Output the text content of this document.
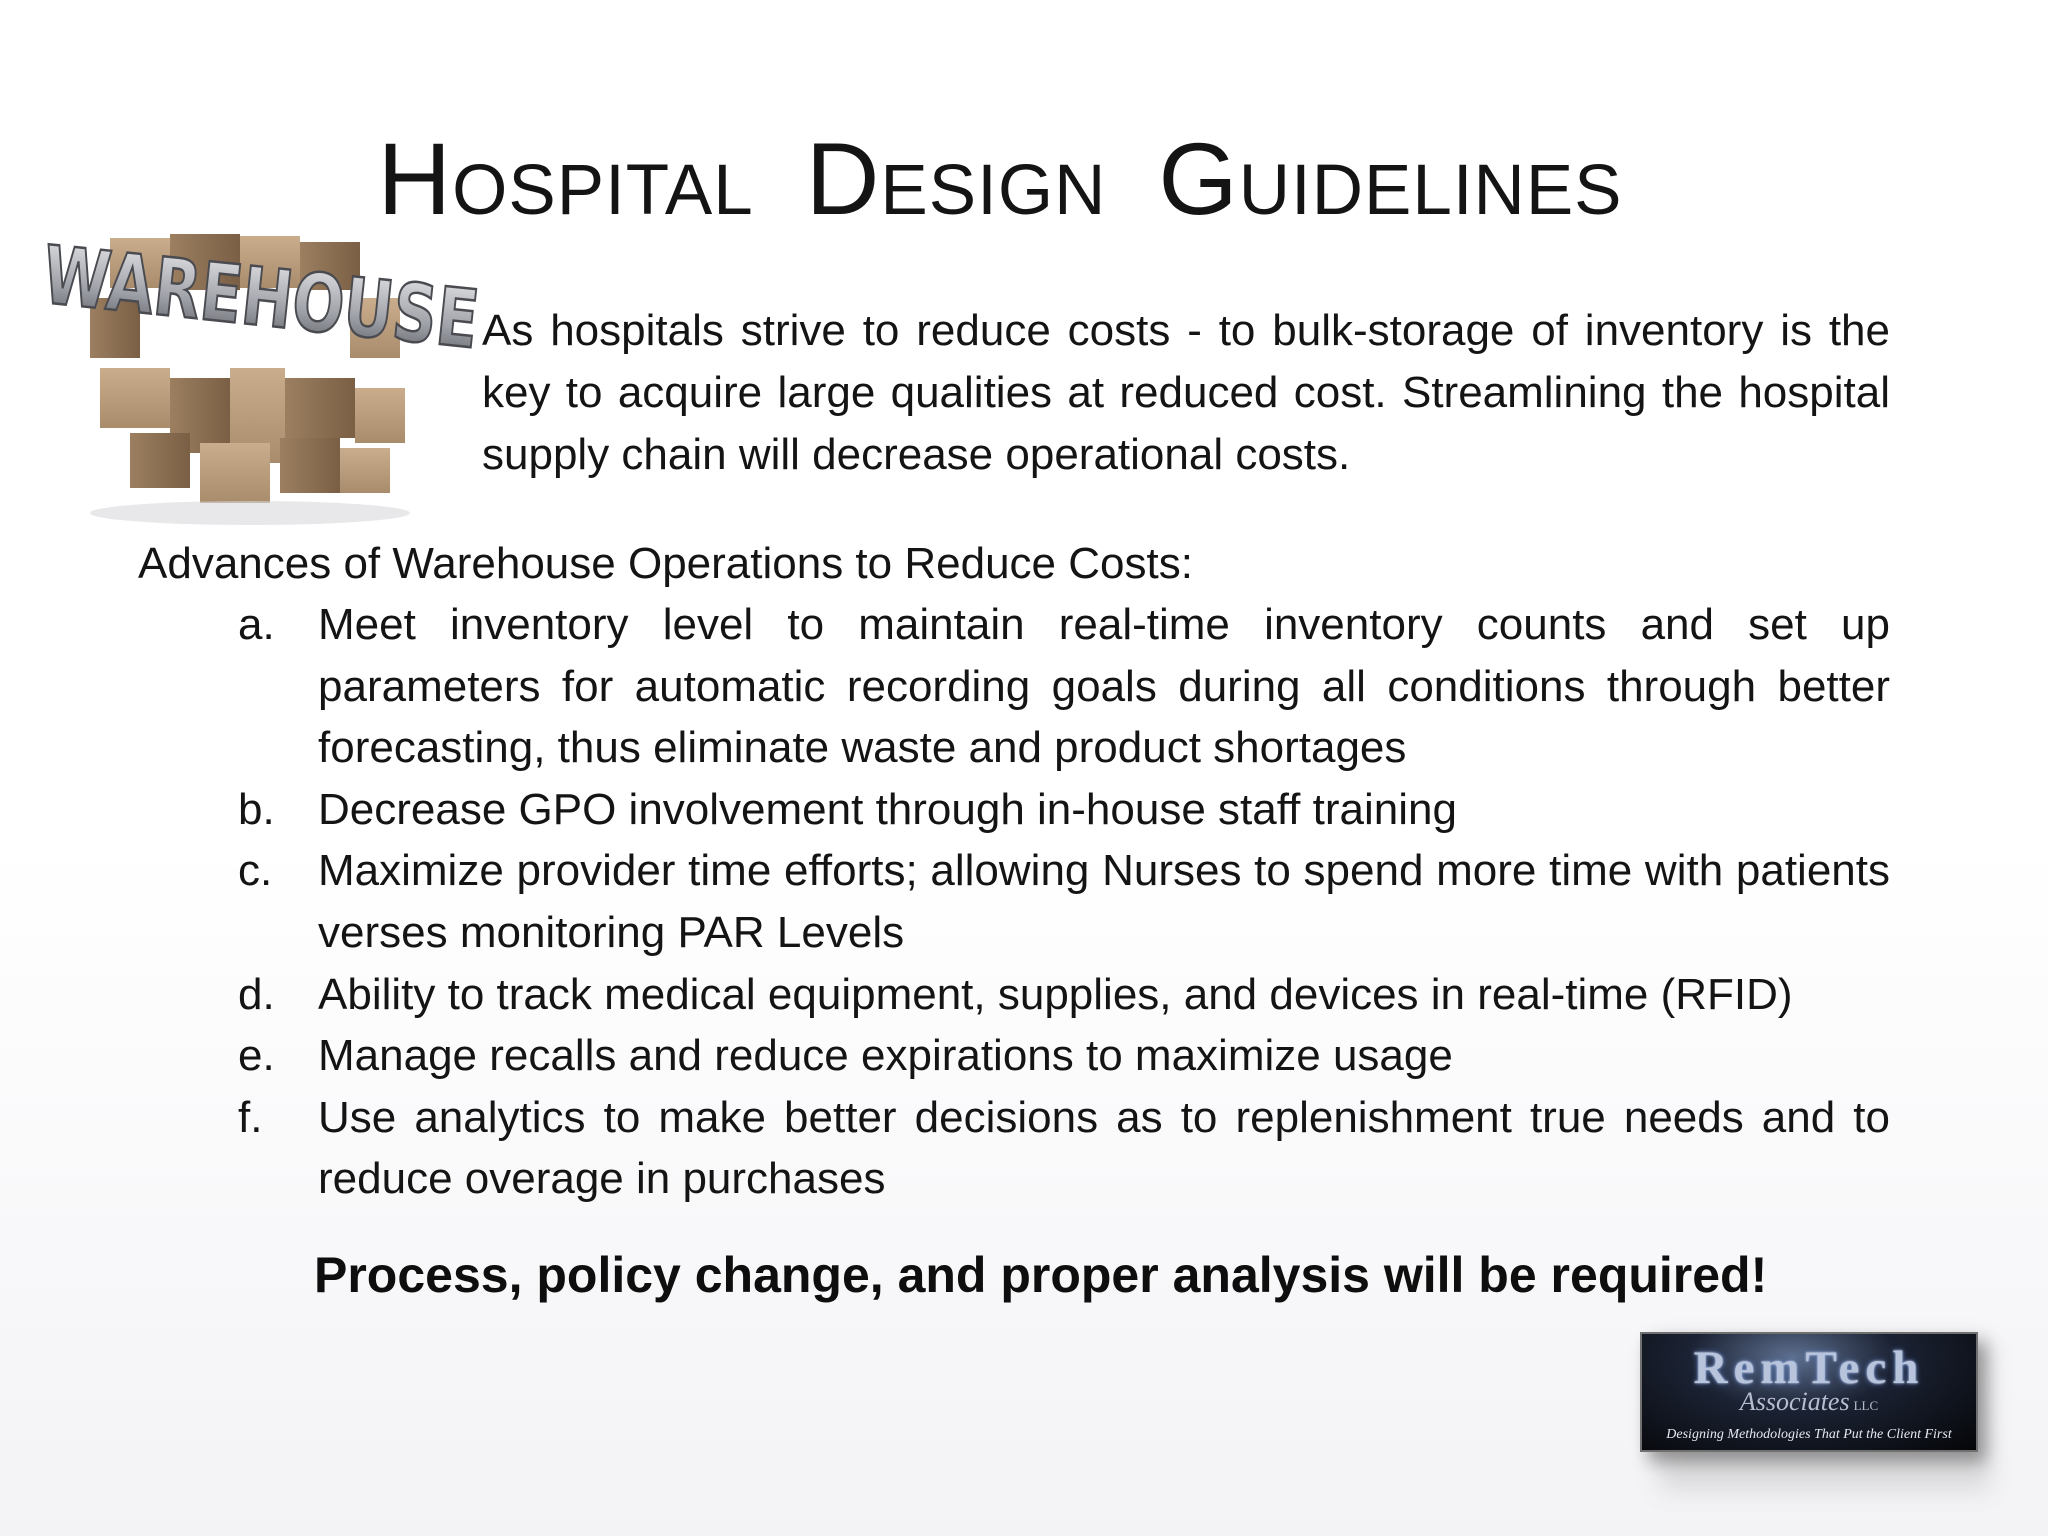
Hospital Design Guidelines
WAREHOUSE As hospitals strive to reduce costs - to bulk-storage of inventory is the key to acquire large qualities at reduced cost. Streamlining the hospital supply chain will decrease operational costs.
Advances of Warehouse Operations to Reduce Costs:
a. Meet inventory level to maintain real-time inventory counts and set up parameters for automatic recording goals during all conditions through better forecasting, thus eliminate waste and product shortages
b. Decrease GPO involvement through in-house staff training
c.	Maximize provider time efforts; allowing Nurses to spend more time with patients verses monitoring PAR Levels
d. Ability to track medical equipment, supplies, and devices in real-time (RFID)
e. Manage recalls and reduce expirations to maximize usage
f.	Use analytics to make better decisions as to replenishment true needs and to reduce overage in purchases
Process, policy change, and proper analysis will be required!
RemTech
Associates LLC
Designing Methodologies That Put the Client First
